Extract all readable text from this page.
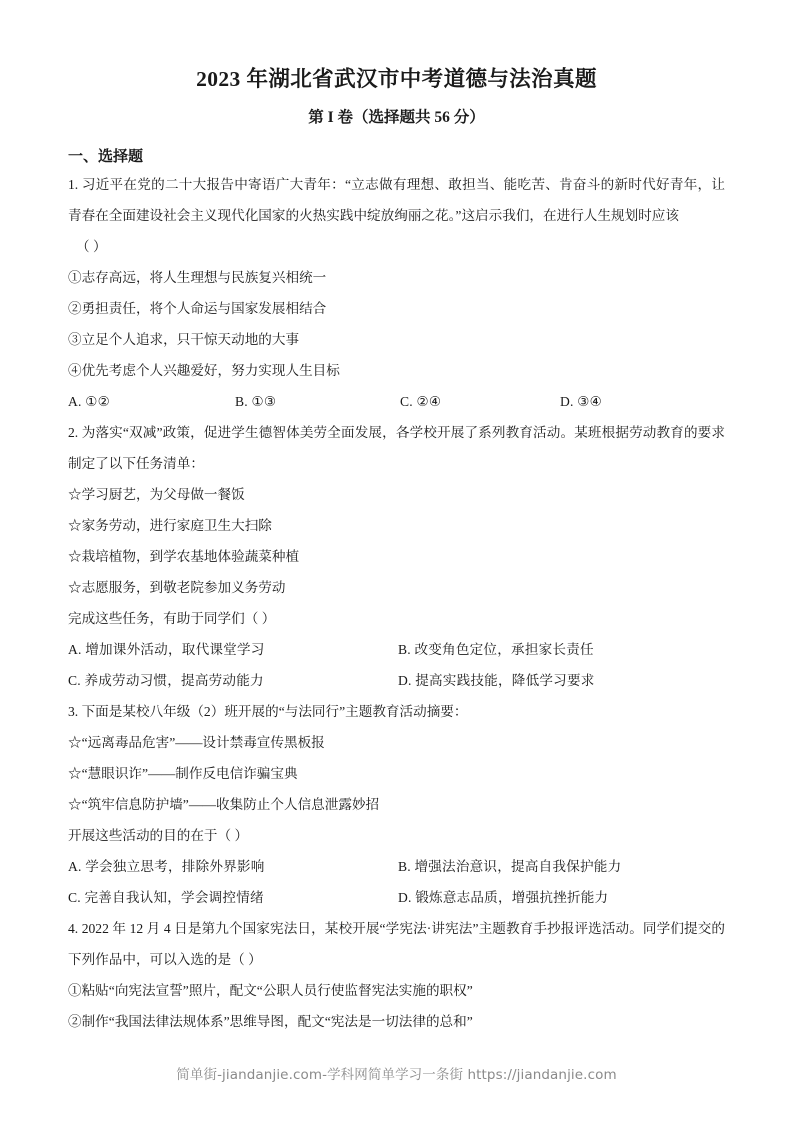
2023 年湖北省武汉市中考道德与法治真题
第 I 卷（选择题共 56 分）
一、选择题

1. 习近平在党的二十大报告中寄语广大青年：“立志做有理想、敢担当、能吃苦、肯奋斗的新时代好青年，让青春在全面建设社会主义现代化国家的火热实践中绽放绚丽之花。”这启示我们，在进行人生规划时应该

（ ）

①志存高远，将人生理想与民族复兴相统一

②勇担责任，将个人命运与国家发展相结合

③立足个人追求，只干惊天动地的大事

④优先考虑个人兴趣爱好，努力实现人生目标

A. ①②	B. ①③	C. ②④	D. ③④

2. 为落实“双减”政策，促进学生德智体美劳全面发展，各学校开展了系列教育活动。某班根据劳动教育的要求制定了以下任务清单：

☆学习厨艺，为父母做一餐饭

☆家务劳动，进行家庭卫生大扫除

☆栽培植物，到学农基地体验蔬菜种植

☆志愿服务，到敬老院参加义务劳动

完成这些任务，有助于同学们（ ）

A. 增加课外活动，取代课堂学习	B. 改变角色定位，承担家长责任
C. 养成劳动习惯，提高劳动能力	D. 提高实践技能，降低学习要求

3. 下面是某校八年级（2）班开展的“与法同行”主题教育活动摘要：

☆“远离毒品危害”——设计禁毒宣传黑板报

☆“慧眼识诈”——制作反电信诈骗宝典

☆“筑牢信息防护墙”——收集防止个人信息泄露妙招

开展这些活动的目的在于（ ）

A. 学会独立思考，排除外界影响	B. 增强法治意识，提高自我保护能力
C. 完善自我认知，学会调控情绪	D. 锻炼意志品质，增强抗挫折能力

4. 2022 年 12 月 4 日是第九个国家宪法日，某校开展“学宪法·讲宪法”主题教育手抄报评选活动。同学们提交的下列作品中，可以入选的是（ ）

①粘贴“向宪法宣誓”照片，配文“公职人员行使监督宪法实施的职权”

②制作“我国法律法规体系”思维导图，配文“宪法是一切法律的总和”

简单街-jiandanjie.com-学科网简单学习一条街 https://jiandanjie.com
